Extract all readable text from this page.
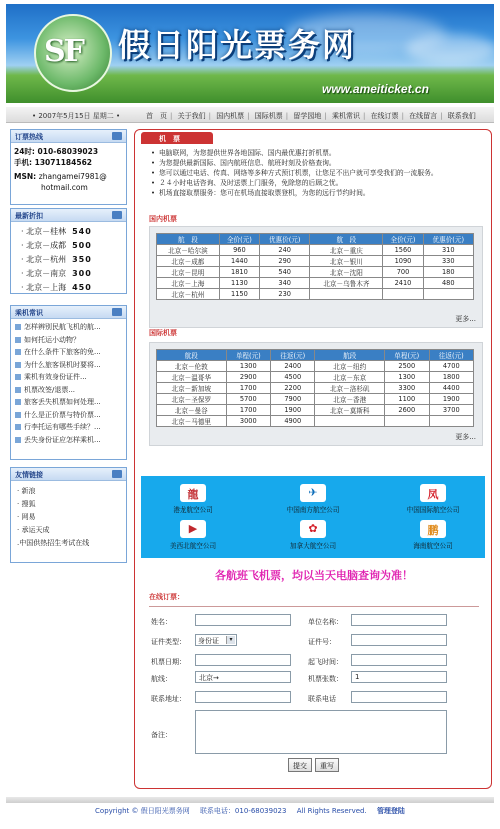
SF 假日阳光票务网
www.ameiticket.cn
• 2007年5月15日 星期二 •	首　页 | 关于我们 | 国内机票 | 国际机票 | 留学园地 | 乘机常识 | 在线订票 | 在线留言 | 联系我们
订票热线
24时: 010-68039023
手机: 13071184562
MSN: zhangamei7981@
hotmail.com
最新折扣
· 北京－桂林 540
· 北京－成都 500
· 北京－杭州 350
· 北京－南京 300
· 北京－上海 450
乘机常识
怎样辨别民航飞机的航...
如何托运小动物？
在什么条件下旅客的免...
为什么旅客误机时要将...
乘机有效身份证件...
机票改签/退票...
旅客丢失机票如何处理...
什么是正价票与特价票...
行李托运有哪些手续？...
丢失身份证应怎样乘机...
友情链接
· 新浪
· 搜狐
· 网易
· 承运天成
.中国供热招生考试在线
机　票
• 电脑联网，为您提供世界各地国际、国内最优惠打折机票。
• 为您提供最新国际、国内航班信息、航班时刻及价格查询。
• 您可以通过电话、传真、网络等多种方式预订机票，让您足不出户就可享受我们的一流服务。
• ２４小时电话咨询、及时送票上门服务，免除您的后顾之忧。
• 机场直接取票服务：您可在机场直接取票登机，为您的远行节约时间。
国内机票
航　段	全价(元)	优惠价(元)	航　段	全价(元)	优惠价(元)
北京－哈尔滨	960	240	北京－重庆	1560	310
北京－成都	1440	290	北京－银川	1090	330
北京－昆明	1810	540	北京－沈阳	700	180
北京－上海	1130	340	北京－乌鲁木齐	2410	480
北京－杭州	1150	230			
更多...
国际机票
航段	单程(元)	往返(元)	航段	单程(元)	往返(元)
北京－伦敦	1300	2400	北京－纽约	2500	4700
北京－温哥华	2900	4500	北京－东京	1300	1800
北京－新加坡	1700	2200	北京－洛杉矶	3300	4400
北京－圣保罗	5700	7900	北京－香港	1100	1900
北京－曼谷	1700	1900	北京－莫斯科	2600	3700
北京－马德里	3000	4900			
更多...
龍
港龙航空公司
✈
中国南方航空公司
凤
中国国际航空公司
▶
美西北航空公司
✿
加拿大航空公司
鹏
海南航空公司
各航班飞机票，均以当天电脑查询为准！
在线订票：
姓名：	单位名称：
证件类型：	身份证	▾	证件号：
机票日期：	起飞时间：
航线：	北京→	机票张数：	1
联系地址：	联系电话
备注：
提交	重写
Copyright © 假日阳光票务网 联系电话：010-68039023 All Rights Reserved. 管理登陆
